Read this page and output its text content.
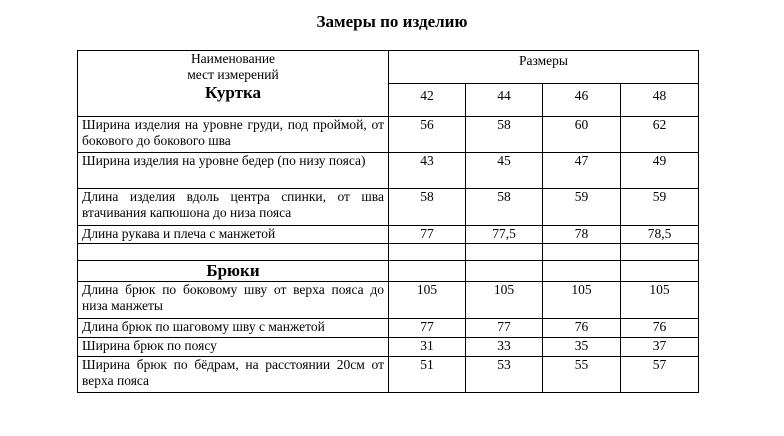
Замеры по изделию
Наименование
мест измерений
Куртка	Размеры			
	42	44	46	48
Ширина изделия на уровне груди, под проймой, от бокового до бокового шва	56	58	60	62
Ширина изделия на уровне бедер (по низу пояса)	43	45	47	49
Длина изделия вдоль центра спинки, от шва втачивания капюшона до низа пояса	58	58	59	59
Длина рукава и плеча с манжетой	77	77,5	78	78,5

Брюки				

Длина брюк по боковому шву от верха пояса до низа манжеты	105	105	105	105
Длина брюк по шаговому шву с манжетой	77	77	76	76
Ширина брюк по поясу	31	33	35	37
Ширина брюк по бёдрам, на расстоянии 20см от верха пояса	51	53	55	57
